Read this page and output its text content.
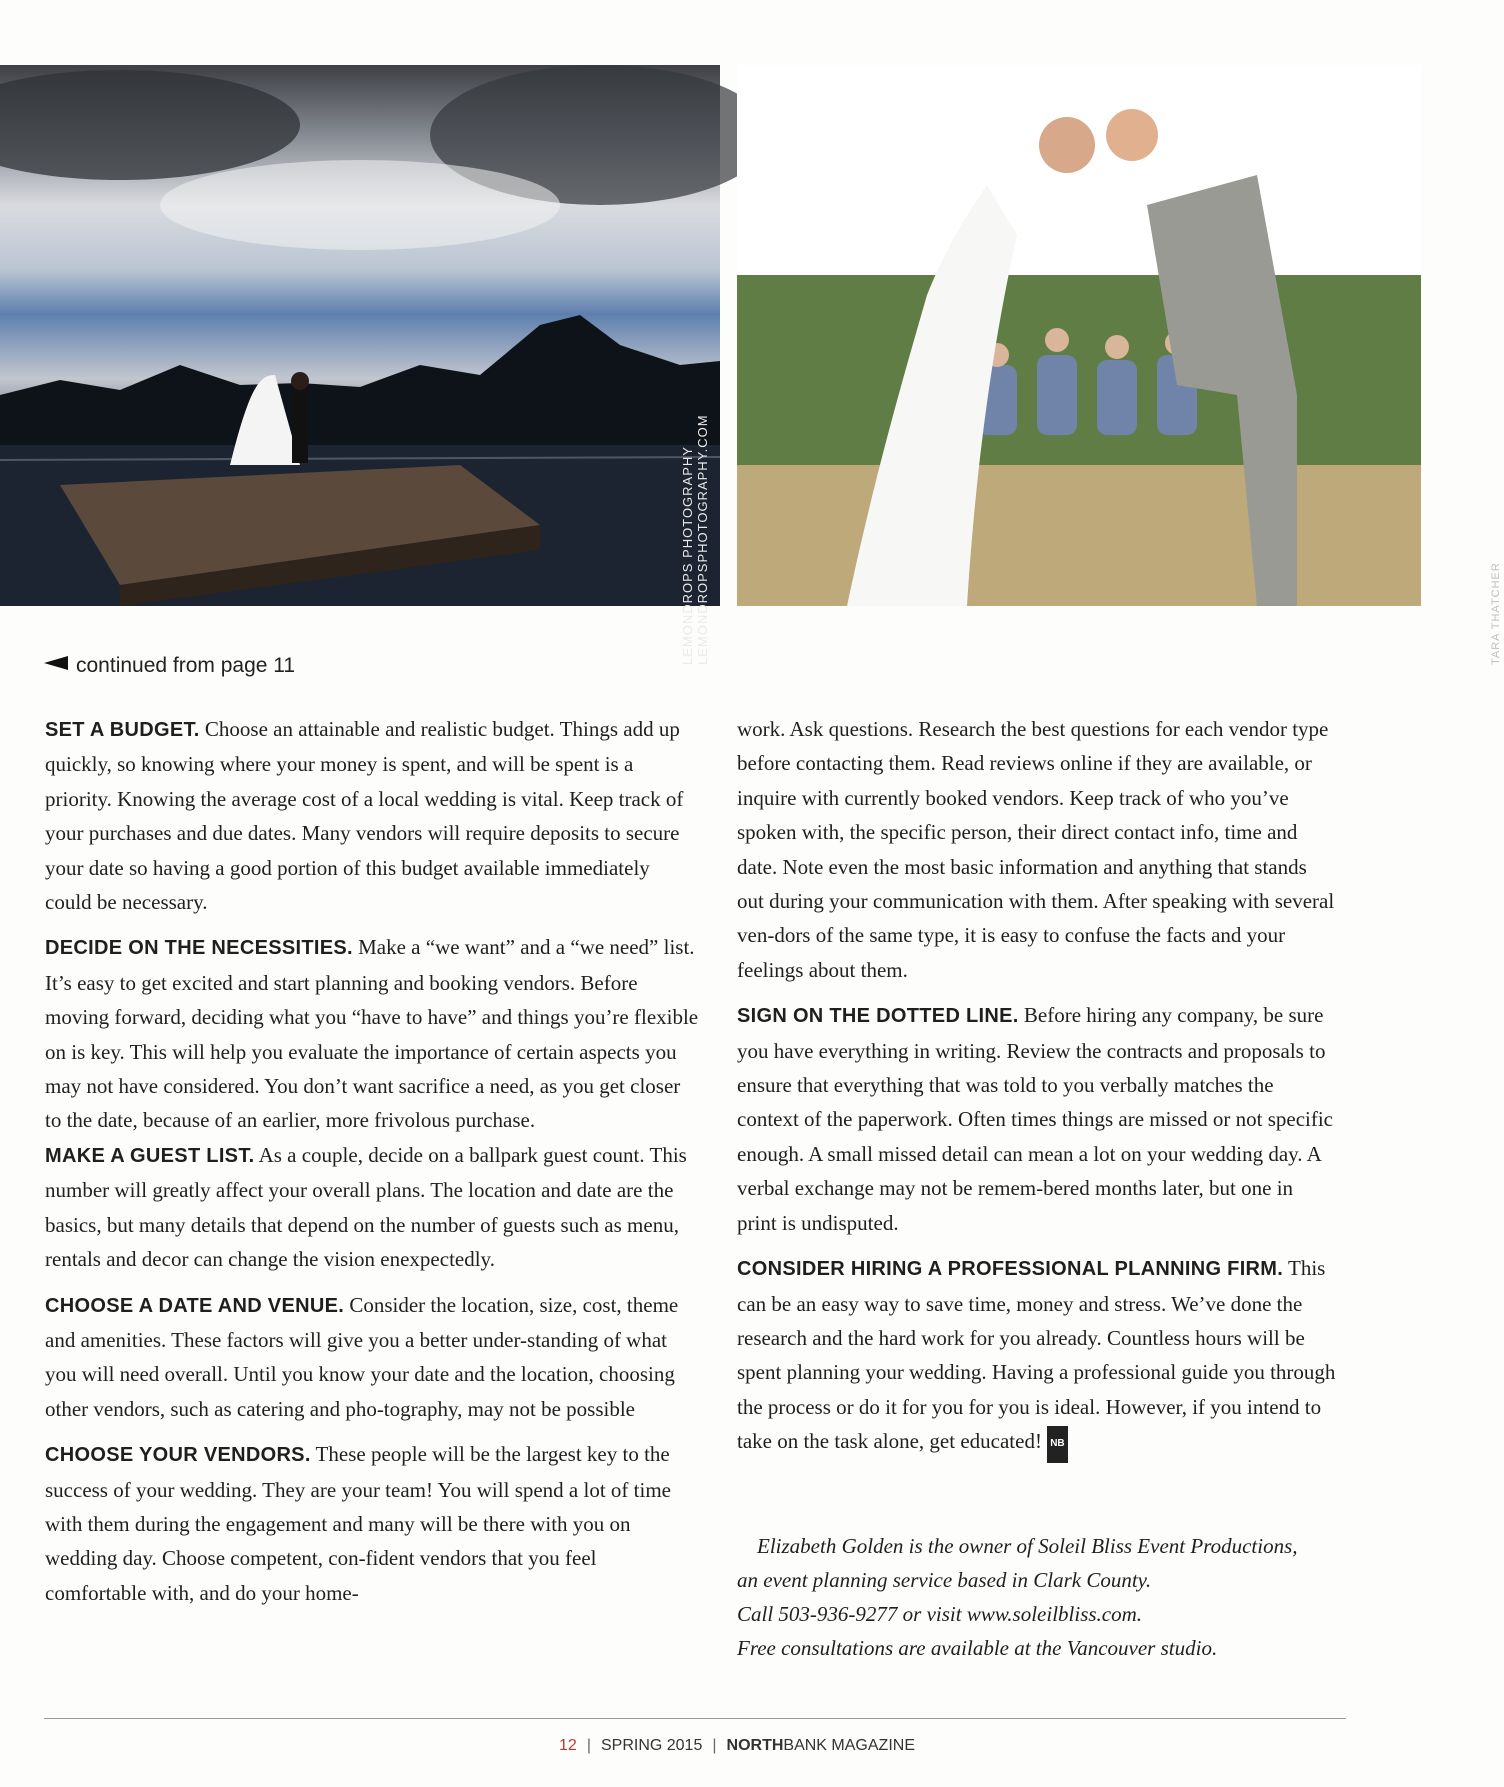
LEMONDROPS PHOTOGRAPHY
LEMONDROPSPHOTOGRAPHY.COM	TARA THATCHER
continued from page 11

SET A BUDGET. Choose an attainable and realistic budget. Things add up quickly, so knowing where your money is spent, and will be spent is a priority. Knowing the average cost of a local wedding is vital. Keep track of your purchases and due dates. Many vendors will require deposits to secure your date so having a good portion of this budget available immediately could be necessary.

DECIDE ON THE NECESSITIES. Make a “we want” and a “we need” list. It’s easy to get excited and start planning and booking vendors. Before moving forward, deciding what you “have to have” and things you’re flexible on is key. This will help you evaluate the importance of certain aspects you may not have considered. You don’t want sacrifice a need, as you get closer to the date, because of an earlier, more frivolous purchase.

MAKE A GUEST LIST. As a couple, decide on a ballpark guest count. This number will greatly affect your overall plans. The location and date are the basics, but many details that depend on the number of guests such as menu, rentals and decor can change the vision enexpectedly.

CHOOSE A DATE AND VENUE. Consider the location, size, cost, theme and amenities. These factors will give you a better under-standing of what you will need overall. Until you know your date and the location, choosing other vendors, such as catering and pho-tography, may not be possible

CHOOSE YOUR VENDORS. These people will be the largest key to the success of your wedding. They are your team! You will spend a lot of time with them during the engagement and many will be there with you on wedding day. Choose competent, con-fident vendors that you feel comfortable with, and do your home-

work. Ask questions. Research the best questions for each vendor type before contacting them. Read reviews online if they are available, or inquire with currently booked vendors. Keep track of who you’ve spoken with, the specific person, their direct contact info, time and date. Note even the most basic information and anything that stands out during your communication with them. After speaking with several ven-dors of the same type, it is easy to confuse the facts and your feelings about them.

SIGN ON THE DOTTED LINE. Before hiring any company, be sure you have everything in writing. Review the contracts and proposals to ensure that everything that was told to you verbally matches the context of the paperwork. Often times things are missed or not specific enough. A small missed detail can mean a lot on your wedding day. A verbal exchange may not be remem-bered months later, but one in print is undisputed.

CONSIDER HIRING A PROFESSIONAL PLANNING FIRM. This can be an easy way to save time, money and stress. We’ve done the research and the hard work for you already. Countless hours will be spent planning your wedding. Having a professional guide you through the process or do it for you for you is ideal. However, if you intend to take on the task alone, get educated! NB

Elizabeth Golden is the owner of Soleil Bliss Event Productions,
an event planning service based in Clark County.
Call 503-936-9277 or visit www.soleilbliss.com.
Free consultations are available at the Vancouver studio.
12 | SPRING 2015 | NORTHBANK MAGAZINE
